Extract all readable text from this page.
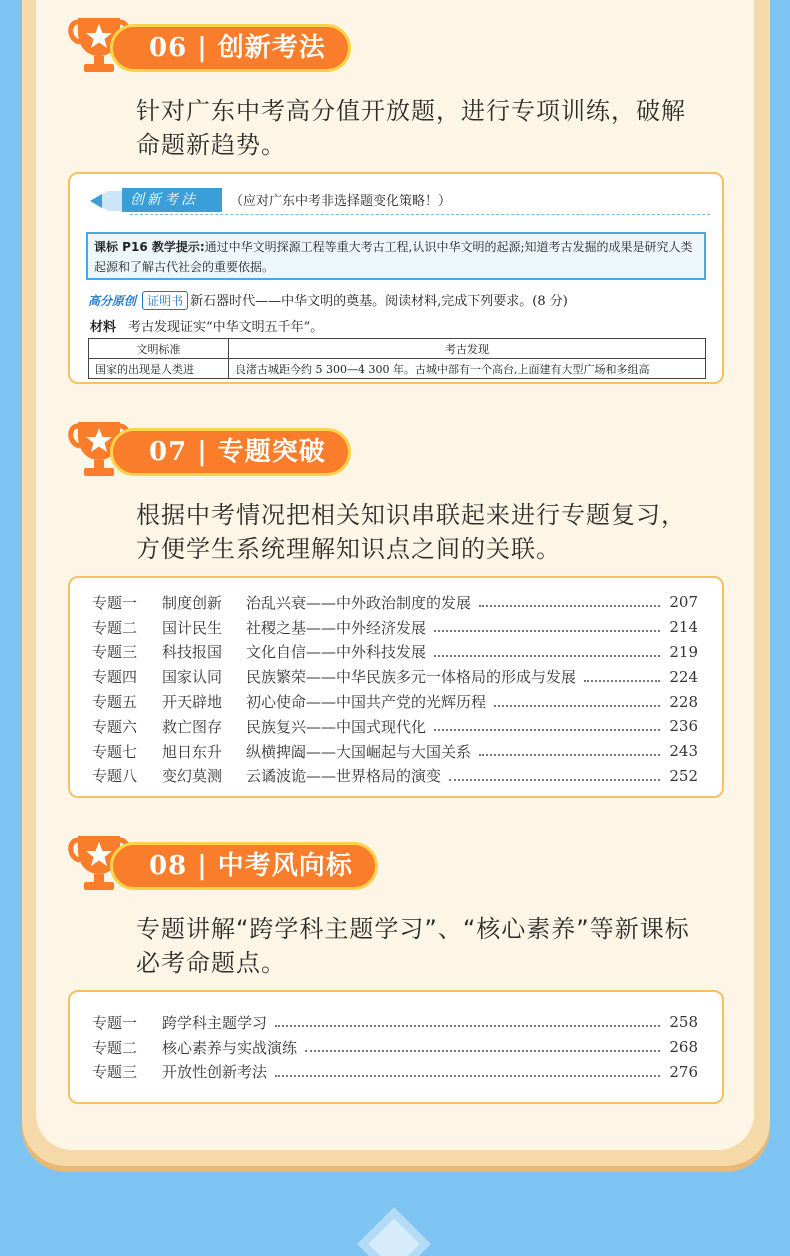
06 | 创新考法
针对广东中考高分值开放题，进行专项训练，破解命题新趋势。
创新考法	（应对广东中考非选择题变化策略！）
课标 P16 教学提示:通过中华文明探源工程等重大考古工程,认识中华文明的起源;知道考古发掘的成果是研究人类起源和了解古代社会的重要依据。
高分原创 证明书 新石器时代——中华文明的奠基。阅读材料,完成下列要求。(8 分)
材料 考古发现证实“中华文明五千年”。
文明标准	考古发现
国家的出现是人类进	良渚古城距今约 5 300—4 300 年。古城中部有一个高台,上面建有大型广场和多组高
07 | 专题突破
根据中考情况把相关知识串联起来进行专题复习，方便学生系统理解知识点之间的关联。
专题一	制度创新	治乱兴衰——中外政治制度的发展	207
专题二	国计民生	社稷之基——中外经济发展	214
专题三	科技报国	文化自信——中外科技发展	219
专题四	国家认同	民族繁荣——中华民族多元一体格局的形成与发展	224
专题五	开天辟地	初心使命——中国共产党的光辉历程	228
专题六	救亡图存	民族复兴——中国式现代化	236
专题七	旭日东升	纵横捭阖——大国崛起与大国关系	243
专题八	变幻莫测	云谲波诡——世界格局的演变	252
08 | 中考风向标
专题讲解“跨学科主题学习”、“核心素养”等新课标必考命题点。
专题一	跨学科主题学习	258
专题二	核心素养与实战演练	268
专题三	开放性创新考法	276
